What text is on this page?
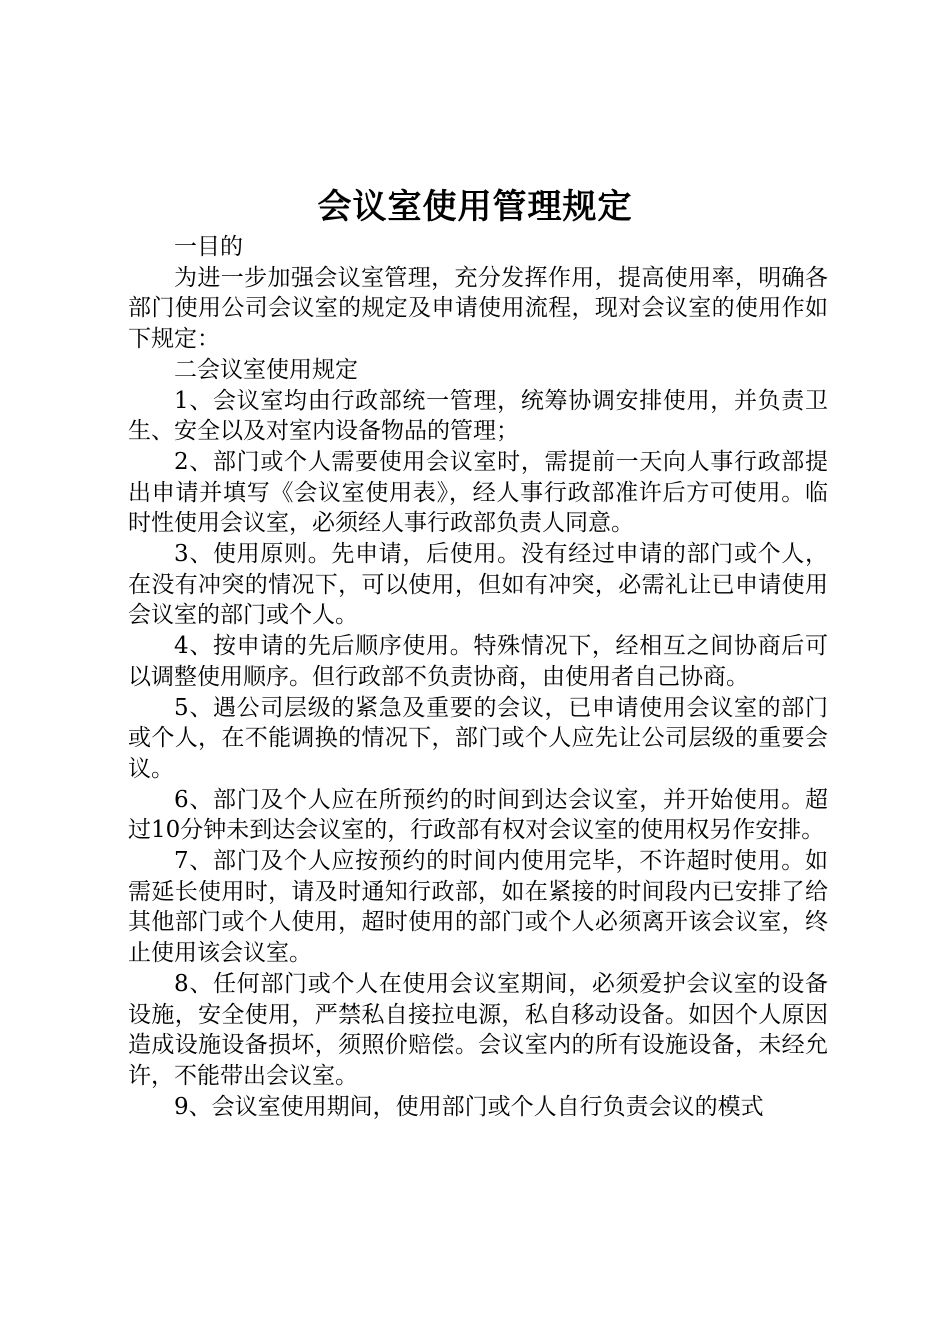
会议室使用管理规定

一目的

为进一步加强会议室管理，充分发挥作用，提高使用率，明确各部门使用公司会议室的规定及申请使用流程，现对会议室的使用作如下规定：

二会议室使用规定

1、会议室均由行政部统一管理，统筹协调安排使用，并负责卫生、安全以及对室内设备物品的管理；

2、部门或个人需要使用会议室时，需提前一天向人事行政部提出申请并填写《会议室使用表》，经人事行政部准许后方可使用。临时性使用会议室，必须经人事行政部负责人同意。

3、使用原则。先申请，后使用。没有经过申请的部门或个人，在没有冲突的情况下，可以使用，但如有冲突，必需礼让已申请使用会议室的部门或个人。

4、按申请的先后顺序使用。特殊情况下，经相互之间协商后可以调整使用顺序。但行政部不负责协商，由使用者自己协商。

5、遇公司层级的紧急及重要的会议，已申请使用会议室的部门或个人，在不能调换的情况下，部门或个人应先让公司层级的重要会议。

6、部门及个人应在所预约的时间到达会议室，并开始使用。超过10分钟未到达会议室的，行政部有权对会议室的使用权另作安排。

7、部门及个人应按预约的时间内使用完毕，不许超时使用。如需延长使用时，请及时通知行政部，如在紧接的时间段内已安排了给其他部门或个人使用，超时使用的部门或个人必须离开该会议室，终止使用该会议室。

8、任何部门或个人在使用会议室期间，必须爱护会议室的设备设施，安全使用，严禁私自接拉电源，私自移动设备。如因个人原因造成设施设备损坏，须照价赔偿。会议室内的所有设施设备，未经允许，不能带出会议室。

9、会议室使用期间，使用部门或个人自行负责会议的模式
